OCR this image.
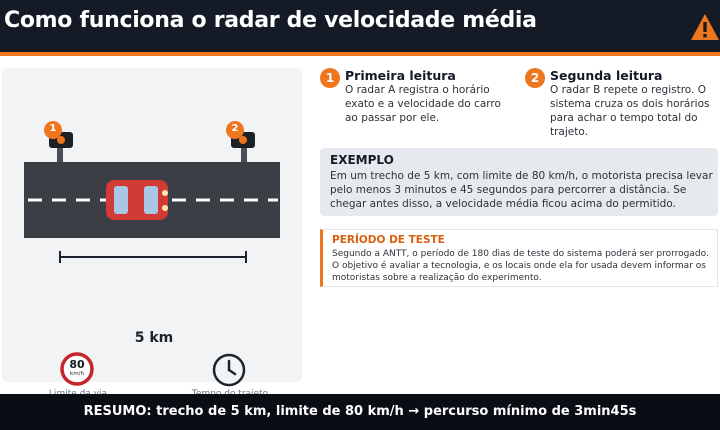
Como funciona o radar de velocidade média
1	2
5 km
80
km/h
1 Primeira leitura
O radar A registra o horário exato e a velocidade do carro ao passar por ele.
2 Segunda leitura
O radar B repete o registro. O sistema cruza os dois horários para achar o tempo total do trajeto.
EXEMPLO
Em um trecho de 5 km, com limite de 80 km/h, o motorista precisa levar pelo menos 3 minutos e 45 segundos para percorrer a distância. Se chegar antes disso, a velocidade média ficou acima do permitido.
PERÍODO DE TESTE
Segundo a ANTT, o período de 180 dias de teste do sistema poderá ser prorrogado. O objetivo é avaliar a tecnologia, e os locais onde ela for usada devem informar os motoristas sobre a realização do experimento.
RESUMO: trecho de 5 km, limite de 80 km/h → percurso mínimo de 3min45s
